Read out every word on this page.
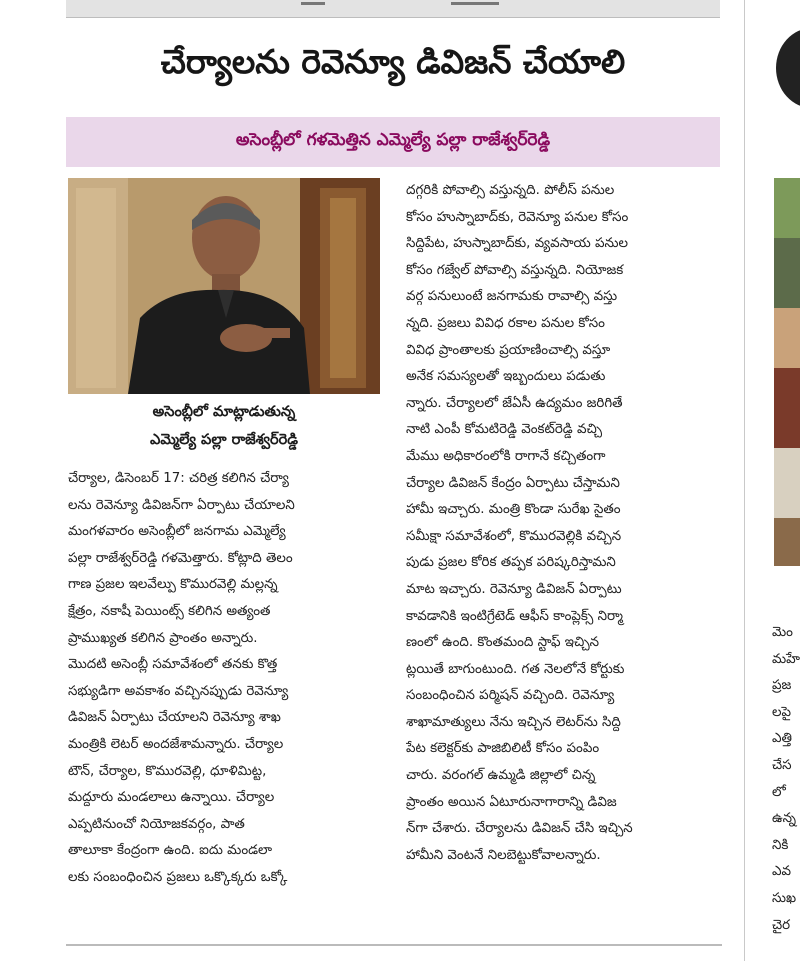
చేర్యాలను రెవెన్యూ డివిజన్ చేయాలి
అసెంబ్లీలో గళమెత్తిన ఎమ్మెల్యే పల్లా రాజేశ్వర్‌రెడ్డి
అసెంబ్లీలో మాట్లాడుతున్న
ఎమ్మెల్యే పల్లా రాజేశ్వర్‌రెడ్డి
చేర్యాల, డిసెంబర్ 17: చరిత్ర కలిగిన చేర్యా
లను రెవెన్యూ డివిజన్‌గా ఏర్పాటు చేయాలని
మంగళవారం అసెంబ్లీలో జనగామ ఎమ్మెల్యే
పల్లా రాజేశ్వర్‌రెడ్డి గళమెత్తారు. కోట్లాది తెలం
గాణ ప్రజల ఇలవేల్పు కొమురవెల్లి మల్లన్న
క్షేత్రం, నకాషీ పెయింట్స్ కలిగిన అత్యంత
ప్రాముఖ్యత కలిగిన ప్రాంతం అన్నారు.
మొదటి అసెంబ్లీ సమావేశంలో తనకు కొత్త
సభ్యుడిగా అవకాశం వచ్చినప్పుడు రెవెన్యూ
డివిజన్ ఏర్పాటు చేయాలని రెవెన్యూ శాఖ
మంత్రికి లెటర్ అందజేశామన్నారు. చేర్యాల
టౌన్, చేర్యాల, కొమురవెల్లి, ధూళిమిట్ట,
మద్దూరు మండలాలు ఉన్నాయి. చేర్యాల
ఎప్పటినుంచో నియోజకవర్గం, పాత
తాలూకా కేంద్రంగా ఉంది. ఐదు మండలా
లకు సంబంధించిన ప్రజలు ఒక్కొక్కరు ఒక్కో
దగ్గరికి పోవాల్సి వస్తున్నది. పోలీస్ పనుల
కోసం హుస్నాబాద్‌కు, రెవెన్యూ పనుల కోసం
సిద్దిపేట, హుస్నాబాద్‌కు, వ్యవసాయ పనుల
కోసం గజ్వేల్ పోవాల్సి వస్తున్నది. నియోజక
వర్గ పనులుంటే జనగామకు రావాల్సి వస్తు
న్నది. ప్రజలు వివిధ రకాల పనుల కోసం
వివిధ ప్రాంతాలకు ప్రయాణించాల్సి వస్తూ
అనేక సమస్యలతో ఇబ్బందులు పడుతు
న్నారు. చేర్యాలలో జేఏసీ ఉద్యమం జరిగితే
నాటి ఎంపీ కోమటిరెడ్డి వెంకట్‌రెడ్డి వచ్చి
మేము అధికారంలోకి రాగానే కచ్చితంగా
చేర్యాల డివిజన్ కేంద్రం ఏర్పాటు చేస్తామని
హామీ ఇచ్చారు. మంత్రి కొండా సురేఖ సైతం
సమీక్షా సమావేశంలో, కొమురవెల్లికి వచ్చిన
పుడు ప్రజల కోరిక తప్పక పరిష్కరిస్తామని
మాట ఇచ్చారు. రెవెన్యూ డివిజన్ ఏర్పాటు
కావడానికి ఇంటిగ్రేటెడ్ ఆఫీస్ కాంప్లెక్స్ నిర్మా
ణంలో ఉంది. కొంతమంది స్టాఫ్ ఇచ్చిన
ట్లయితే బాగుంటుంది. గత నెలలోనే కోర్టుకు
సంబంధించిన పర్మిషన్ వచ్చింది. రెవెన్యూ
శాఖామాత్యులు నేను ఇచ్చిన లెటర్‌ను సిద్ది
పేట కలెక్టర్‌కు పాజిబిలిటీ కోసం పంపిం
చారు. వరంగల్ ఉమ్మడి జిల్లాలో చిన్న
ప్రాంతం అయిన ఏటూరునాగారాన్ని డివిజ
న్‌గా చేశారు. చేర్యాలను డివిజన్ చేసి ఇచ్చిన
హామీని వెంటనే నిలబెట్టుకోవాలన్నారు.
మెం
మహే
ప్రజ
లపై
ఎత్తి
చేస
లో
ఉన్న
నికి
ఎవ
సుఖ
చైర
